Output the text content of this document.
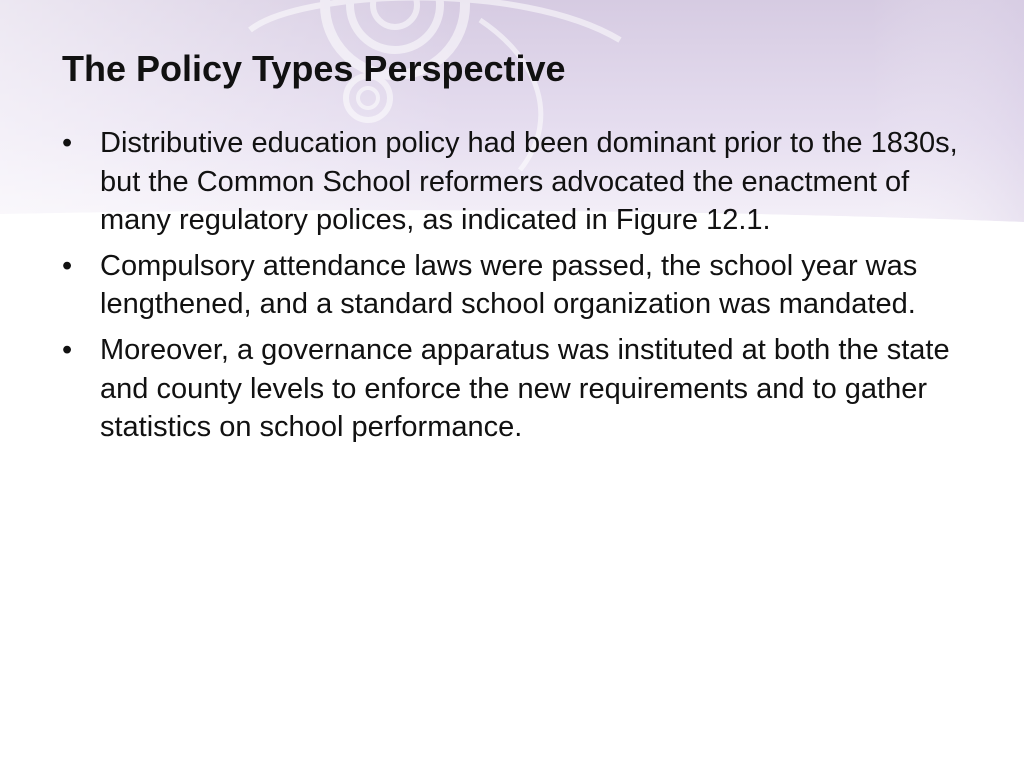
The Policy Types Perspective
• Distributive education policy had been dominant prior to the 1830s, but the Common School reformers advocated the enactment of many regulatory polices, as indicated in Figure 12.1.
• Compulsory attendance laws were passed, the school year was lengthened, and a standard school organization was mandated.
• Moreover, a governance apparatus was instituted at both the state and county levels to enforce the new requirements and to gather statistics on school performance.
